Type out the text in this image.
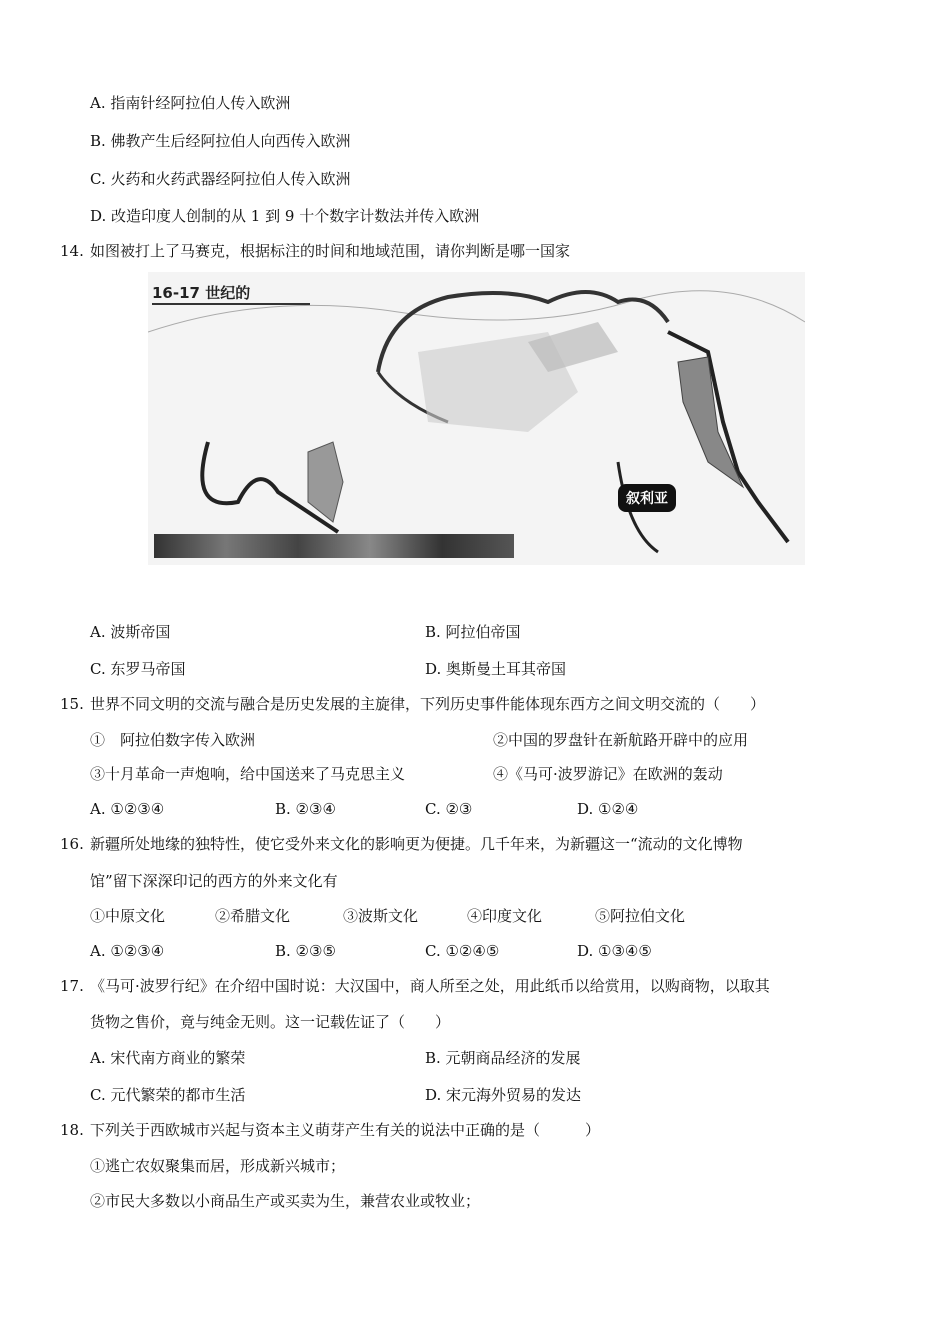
A. 指南针经阿拉伯人传入欧洲
B. 佛教产生后经阿拉伯人向西传入欧洲
C. 火药和火药武器经阿拉伯人传入欧洲
D. 改造印度人创制的从 1 到 9 十个数字计数法并传入欧洲
14. 如图被打上了马赛克，根据标注的时间和地域范围，请你判断是哪一国家
16-17 世纪的
叙利亚
A. 波斯帝国	B. 阿拉伯帝国
C. 东罗马帝国	D. 奥斯曼土耳其帝国
15. 世界不同文明的交流与融合是历史发展的主旋律，下列历史事件能体现东西方之间文明交流的（　　）
①　阿拉伯数字传入欧洲	②中国的罗盘针在新航路开辟中的应用
③十月革命一声炮响，给中国送来了马克思主义	④《马可·波罗游记》在欧洲的轰动
A. ①②③④	B. ②③④	C. ②③	D. ①②④
16. 新疆所处地缘的独特性，使它受外来文化的影响更为便捷。几千年来，为新疆这一“流动的文化博物
馆”留下深深印记的西方的外来文化有
①中原文化	②希腊文化	③波斯文化	④印度文化	⑤阿拉伯文化
A. ①②③④	B. ②③⑤	C. ①②④⑤	D. ①③④⑤
17. 《马可·波罗行纪》在介绍中国时说：大汉国中，商人所至之处，用此纸币以给赏用，以购商物，以取其
货物之售价，竟与纯金无则。这一记载佐证了（　　）
A. 宋代南方商业的繁荣	B. 元朝商品经济的发展
C. 元代繁荣的都市生活	D. 宋元海外贸易的发达
18. 下列关于西欧城市兴起与资本主义萌芽产生有关的说法中正确的是（　　　）
①逃亡农奴聚集而居，形成新兴城市；
②市民大多数以小商品生产或买卖为生，兼营农业或牧业；
